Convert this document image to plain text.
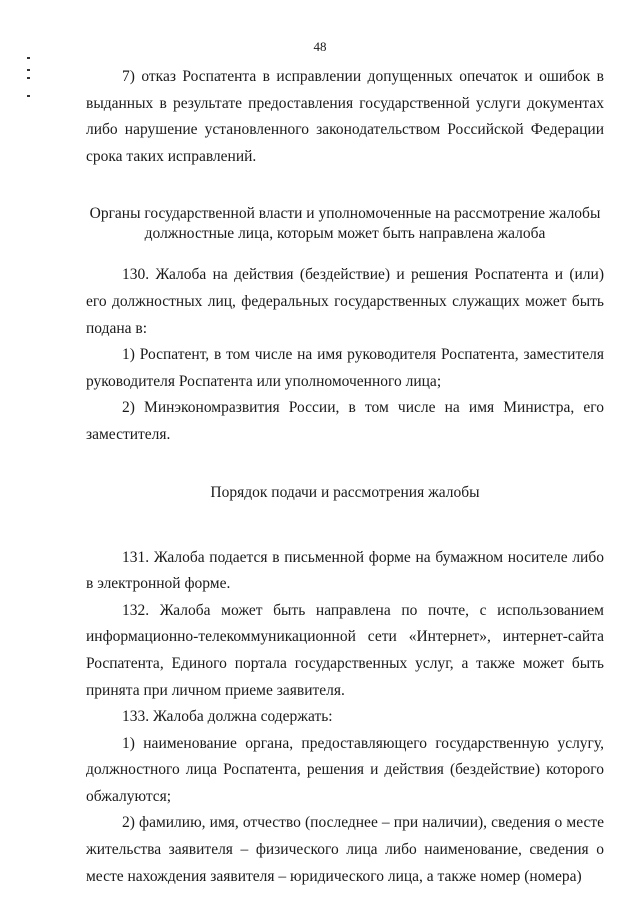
48

7) отказ Роспатента в исправлении допущенных опечаток и ошибок в выданных в результате предоставления государственной услуги документах либо нарушение установленного законодательством Российской Федерации срока таких исправлений.

Органы государственной власти и уполномоченные на рассмотрение жалобы должностные лица, которым может быть направлена жалоба

130. Жалоба на действия (бездействие) и решения Роспатента и (или) его должностных лиц, федеральных государственных служащих может быть подана в:

1) Роспатент, в том числе на имя руководителя Роспатента, заместителя руководителя Роспатента или уполномоченного лица;

2) Минэкономразвития России, в том числе на имя Министра, его заместителя.

Порядок подачи и рассмотрения жалобы

131. Жалоба подается в письменной форме на бумажном носителе либо в электронной форме.

132. Жалоба может быть направлена по почте, с использованием информационно-телекоммуникационной сети «Интернет», интернет-сайта Роспатента, Единого портала государственных услуг, а также может быть принята при личном приеме заявителя.

133. Жалоба должна содержать:

1) наименование органа, предоставляющего государственную услугу, должностного лица Роспатента, решения и действия (бездействие) которого обжалуются;

2) фамилию, имя, отчество (последнее – при наличии), сведения о месте жительства заявителя – физического лица либо наименование, сведения о месте нахождения заявителя – юридического лица, а также номер (номера)
